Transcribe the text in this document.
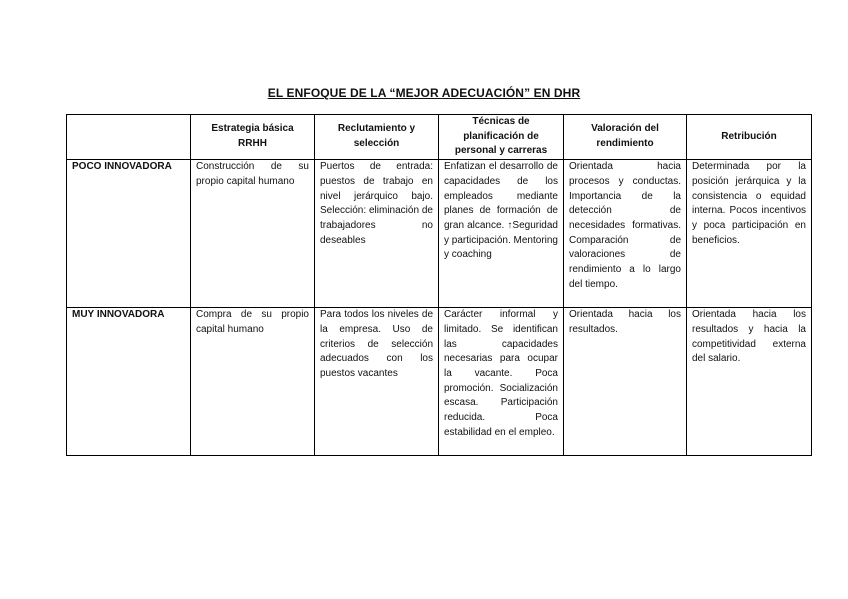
EL ENFOQUE DE LA “MEJOR ADECUACIÓN” EN DHR
	Estrategia básica RRHH	Reclutamiento y selección	Técnicas de planificación de personal y carreras	Valoración del rendimiento	Retribución
POCO INNOVADORA	Construcción de su propio capital humano	Puertos de entrada: puestos de trabajo en nivel jerárquico bajo. Selección: eliminación de trabajadores no deseables	Enfatizan el desarrollo de capacidades de los empleados mediante planes de formación de gran alcance. ↑Seguridad y participación. Mentoring y coaching	Orientada hacia procesos y conductas. Importancia de la detección de necesidades formativas. Comparación de valoraciones de rendimiento a lo largo del tiempo.	Determinada por la posición jerárquica y la consistencia o equidad interna. Pocos incentivos y poca participación en beneficios.
MUY INNOVADORA	Compra de su propio capital humano	Para todos los niveles de la empresa. Uso de criterios de selección adecuados con los puestos vacantes	Carácter informal y limitado. Se identifican las capacidades necesarias para ocupar la vacante. Poca promoción. Socialización escasa. Participación reducida. Poca estabilidad en el empleo.	Orientada hacia los resultados.	Orientada hacia los resultados y hacia la competitividad externa del salario.
